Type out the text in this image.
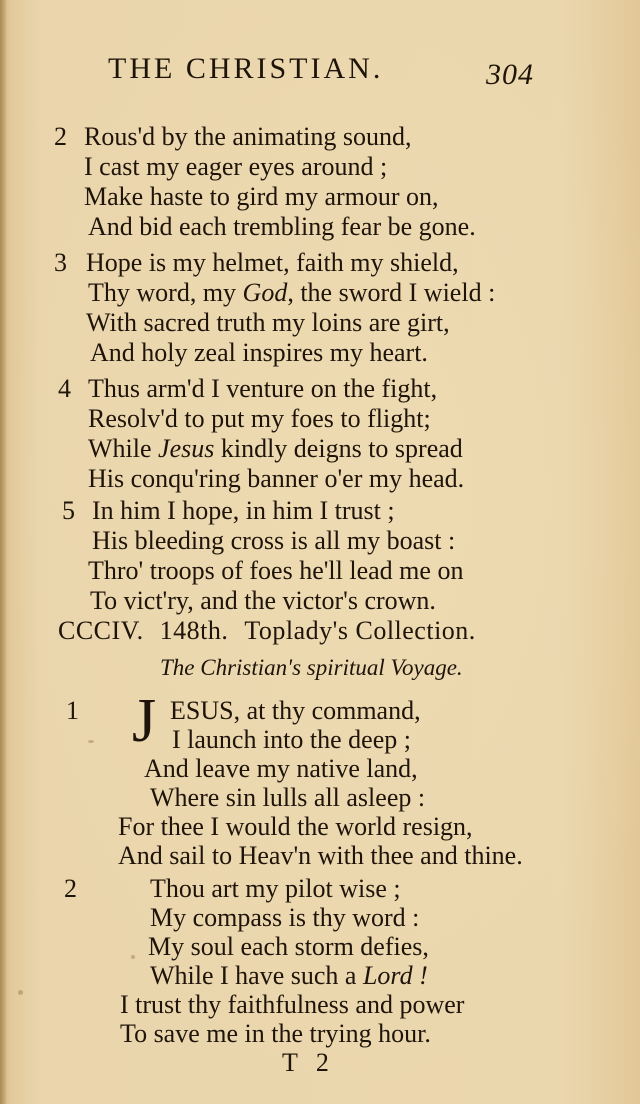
THE CHRISTIAN.	304
2 Rous'd by the animating sound,
I cast my eager eyes around ;
Make haste to gird my armour on,
And bid each trembling fear be gone.
3 Hope is my helmet, faith my shield,
Thy word, my God, the sword I wield :
With sacred truth my loins are girt,
And holy zeal inspires my heart.
4 Thus arm'd I venture on the fight,
Resolv'd to put my foes to flight;
While Jesus kindly deigns to spread
His conqu'ring banner o'er my head.
5 In him I hope, in him I trust ;
His bleeding cross is all my boast :
Thro' troops of foes he'll lead me on
To vict'ry, and the victor's crown.
CCCIV. 148th. Toplady's Collection.
The Christian's spiritual Voyage.
1 J ESUS, at thy command,
I launch into the deep ;
And leave my native land,
Where sin lulls all asleep :
For thee I would the world resign,
And sail to Heav'n with thee and thine.
2	Thou art my pilot wise ;
My compass is thy word :
My soul each storm defies,
While I have such a Lord !
I trust thy faithfulness and power
To save me in the trying hour.
T 2
